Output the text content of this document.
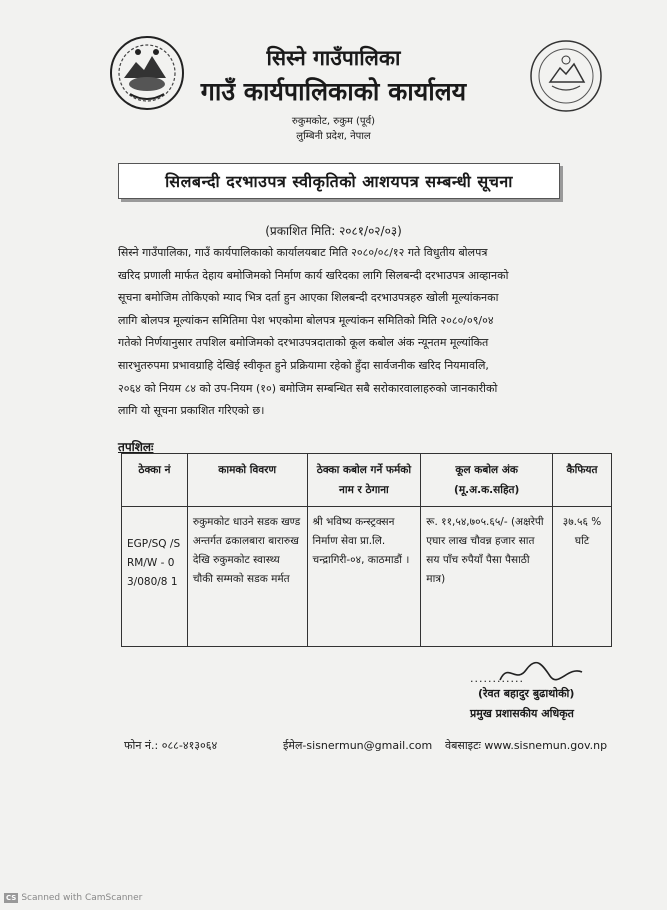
सिस्ने गाउँपालिका
गाउँ कार्यपालिकाको कार्यालय
रुकुमकोट, रुकुम (पूर्व)
लुम्बिनी प्रदेश, नेपाल
सिलबन्दी दरभाउपत्र स्वीकृतिको आशयपत्र सम्बन्धी सूचना
(प्रकाशित मिति: २०८१/०२/०३)
सिस्ने गाउँपालिका, गाउँ कार्यपालिकाको कार्यालयबाट मिति २०८०/०८/१२ गते विधुतीय बोलपत्र
खरिद प्रणाली मार्फत देहाय बमोजिमको निर्माण कार्य खरिदका लागि सिलबन्दी दरभाउपत्र आव्हानको
सूचना बमोजिम तोकिएको म्याद भित्र दर्ता हुन आएका शिलबन्दी दरभाउपत्रहरु खोली मूल्यांकनका
लागि बोलपत्र मूल्यांकन समितिमा पेश भएकोमा बोलपत्र मूल्यांकन समितिको मिति २०८०/०९/०४
गतेको निर्णयानुसार तपशिल बमोजिमको दरभाउपत्रदाताको कूल कबोल अंक न्यूनतम मूल्यांकित
सारभुतरुपमा प्रभावग्राहि देखिई स्वीकृत हुने प्रक्रियामा रहेको हुँदा सार्वजनीक खरिद नियमावलि,
२०६४ को नियम ८४ को उप-नियम (१०) बमोजिम सम्बन्धित सबै सरोकारवालाहरुको जानकारीको
लागि यो सूचना प्रकाशित गरिएको छ।
तपशिलः
ठेक्का नं	कामको विवरण	ठेक्का कबोल गर्ने फर्मको नाम र ठेगाना	कूल कबोल अंक (मू.अ.क.सहित)	कैफियत
EGP/SQ /SRM/W - 03/080/8 1	रुकुमकोट धाउने सडक खण्ड अन्तर्गत ढकालबारा बारारुख देखि रुकुमकोट स्वास्थ्य चौकी सम्मको सडक मर्मत	श्री भविष्य कन्स्ट्रक्सन निर्माण सेवा प्रा.लि. चन्द्रागिरी-०४, काठमाडौं ।	रू. ११,५४,७०५.६५/- (अक्षरेपी एघार लाख चौवन्न हजार सात सय पाँच रुपैयाँ पैसा पैसाठी मात्र)	३७.५६ % घटि
............
(रेवत बहादुर बुढाथोकी)
प्रमुख प्रशासकीय अधिकृत
फोन नं.: ०८८-४१३०६४	ईमेल-sisnermun@gmail.com वेबसाइटः www.sisnemun.gov.np
CS Scanned with CamScanner
